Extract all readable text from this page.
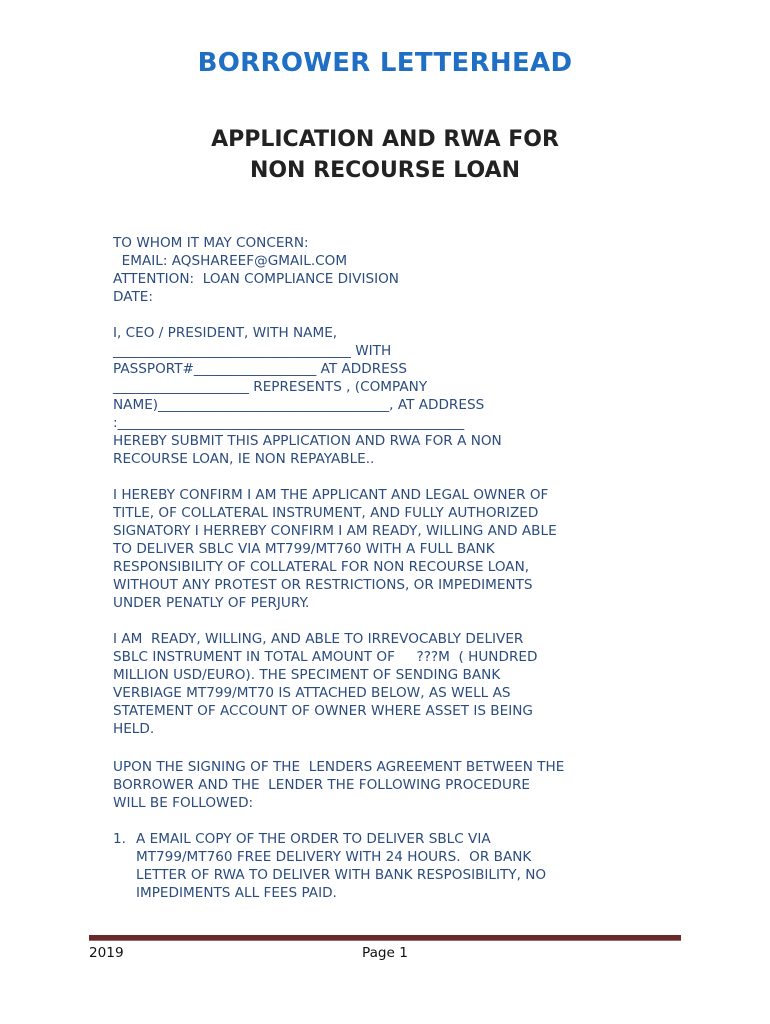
BORROWER LETTERHEAD
APPLICATION AND RWA FOR
NON RECOURSE LOAN
TO WHOM IT MAY CONCERN:
EMAIL: AQSHAREEF@GMAIL.COM
ATTENTION:  LOAN COMPLIANCE DIVISION
DATE:
I, CEO / PRESIDENT, WITH NAME,
___________________________________ WITH
PASSPORT#__________________ AT ADDRESS
____________________ REPRESENTS , (COMPANY
NAME)__________________________________, AT ADDRESS
:___________________________________________________
HEREBY SUBMIT THIS APPLICATION AND RWA FOR A NON
RECOURSE LOAN, IE NON REPAYABLE..
I HEREBY CONFIRM I AM THE APPLICANT AND LEGAL OWNER OF
TITLE, OF COLLATERAL INSTRUMENT, AND FULLY AUTHORIZED
SIGNATORY I HERREBY CONFIRM I AM READY, WILLING AND ABLE
TO DELIVER SBLC VIA MT799/MT760 WITH A FULL BANK
RESPONSIBILITY OF COLLATERAL FOR NON RECOURSE LOAN,
WITHOUT ANY PROTEST OR RESTRICTIONS, OR IMPEDIMENTS
UNDER PENATLY OF PERJURY.
I AM  READY, WILLING, AND ABLE TO IRREVOCABLY DELIVER
SBLC INSTRUMENT IN TOTAL AMOUNT OF     ???M  ( HUNDRED
MILLION USD/EURO). THE SPECIMENT OF SENDING BANK
VERBIAGE MT799/MT70 IS ATTACHED BELOW, AS WELL AS
STATEMENT OF ACCOUNT OF OWNER WHERE ASSET IS BEING
HELD.
UPON THE SIGNING OF THE  LENDERS AGREEMENT BETWEEN THE
BORROWER AND THE  LENDER THE FOLLOWING PROCEDURE
WILL BE FOLLOWED:
1. A EMAIL COPY OF THE ORDER TO DELIVER SBLC VIA
MT799/MT760 FREE DELIVERY WITH 24 HOURS.  OR BANK
LETTER OF RWA TO DELIVER WITH BANK RESPOSIBILITY, NO
IMPEDIMENTS ALL FEES PAID.
2019	Page 1
